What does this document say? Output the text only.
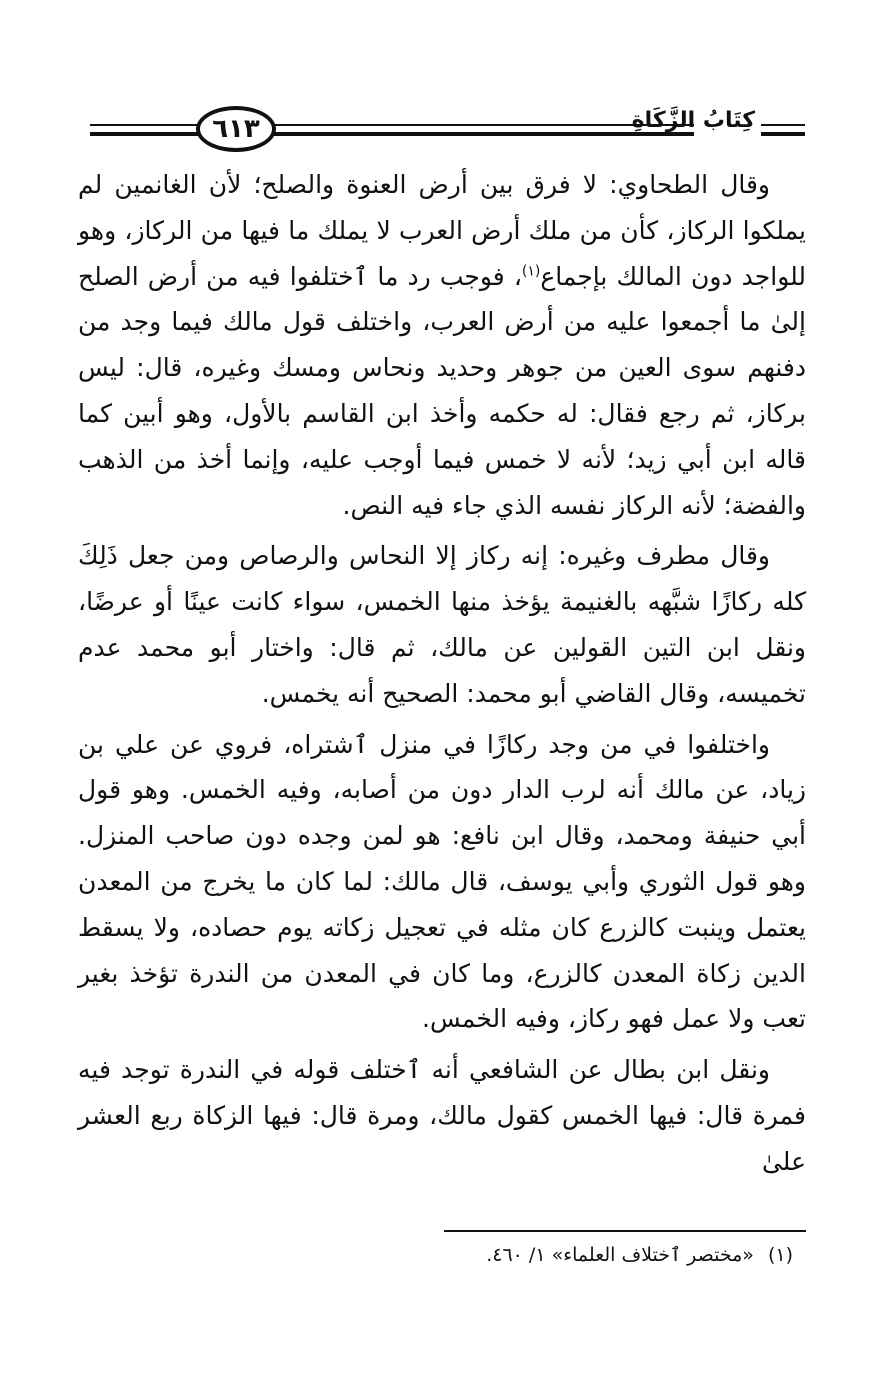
٦١٣	كِتَابُ الزَّكَاةِ

وقال الطحاوي: لا فرق بين أرض العنوة والصلح؛ لأن الغانمين لم يملكوا الركاز، كأن من ملك أرض العرب لا يملك ما فيها من الركاز، وهو للواجد دون المالك بإجماع$^{(١)}$، فوجب رد ما ٱختلفوا فيه من أرض الصلح إلىٰ ما أجمعوا عليه من أرض العرب، واختلف قول مالك فيما وجد من دفنهم سوى العين من جوهر وحديد ونحاس ومسك وغيره، قال: ليس بركاز، ثم رجع فقال: له حكمه وأخذ ابن القاسم بالأول، وهو أبين كما قاله ابن أبي زيد؛ لأنه لا خمس فيما أوجب عليه، وإنما أخذ من الذهب والفضة؛ لأنه الركاز نفسه الذي جاء فيه النص.

وقال مطرف وغيره: إنه ركاز إلا النحاس والرصاص ومن جعل ذَلِكَ كله ركازًا شبَّهه بالغنيمة يؤخذ منها الخمس، سواء كانت عينًا أو عرضًا، ونقل ابن التين القولين عن مالك، ثم قال: واختار أبو محمد عدم تخميسه، وقال القاضي أبو محمد: الصحيح أنه يخمس.

واختلفوا في من وجد ركازًا في منزل ٱشتراه، فروي عن علي بن زياد، عن مالك أنه لرب الدار دون من أصابه، وفيه الخمس. وهو قول أبي حنيفة ومحمد، وقال ابن نافع: هو لمن وجده دون صاحب المنزل. وهو قول الثوري وأبي يوسف، قال مالك: لما كان ما يخرج من المعدن يعتمل وينبت كالزرع كان مثله في تعجيل زكاته يوم حصاده، ولا يسقط الدين زكاة المعدن كالزرع، وما كان في المعدن من الندرة تؤخذ بغير تعب ولا عمل فهو ركاز، وفيه الخمس.

ونقل ابن بطال عن الشافعي أنه ٱختلف قوله في الندرة توجد فيه فمرة قال: فيها الخمس كقول مالك، ومرة قال: فيها الزكاة ربع العشر علىٰ

(١)«مختصر ٱختلاف العلماء» ١/ ٤٦٠.
